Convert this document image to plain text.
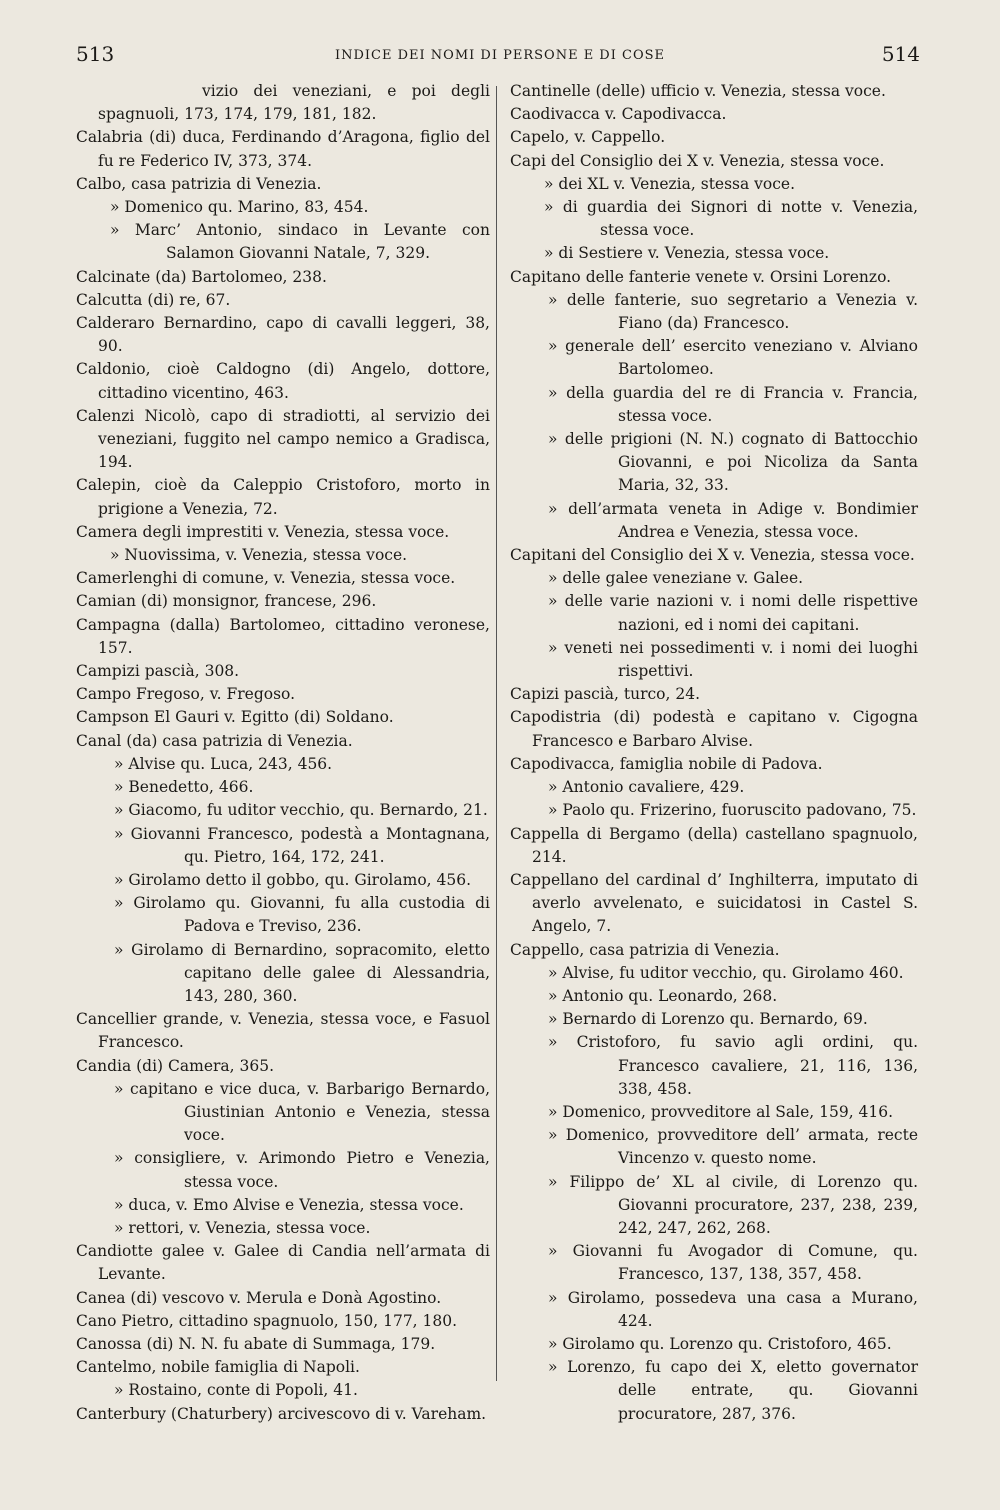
513	INDICE DEI NOMI DI PERSONE E DI COSE	514
vizio dei veneziani, e poi degli spagnuoli, 173, 174, 179, 181, 182.
Calabria (di) duca, Ferdinando d’Aragona, figlio del fu re Federico IV, 373, 374.
Calbo, casa patrizia di Venezia.
» Domenico qu. Marino, 83, 454.
» Marc’ Antonio, sindaco in Levante con Salamon Giovanni Natale, 7, 329.
Calcinate (da) Bartolomeo, 238.
Calcutta (di) re, 67.
Calderaro Bernardino, capo di cavalli leggeri, 38, 90.
Caldonio, cioè Caldogno (di) Angelo, dottore, cittadino vicentino, 463.
Calenzi Nicolò, capo di stradiotti, al servizio dei veneziani, fuggito nel campo nemico a Gradisca, 194.
Calepin, cioè da Caleppio Cristoforo, morto in prigione a Venezia, 72.
Camera degli imprestiti v. Venezia, stessa voce.
» Nuovissima, v. Venezia, stessa voce.
Camerlenghi di comune, v. Venezia, stessa voce.
Camian (di) monsignor, francese, 296.
Campagna (dalla) Bartolomeo, cittadino veronese, 157.
Campizi pascià, 308.
Campo Fregoso, v. Fregoso.
Campson El Gauri v. Egitto (di) Soldano.
Canal (da) casa patrizia di Venezia.
» Alvise qu. Luca, 243, 456.
» Benedetto, 466.
» Giacomo, fu uditor vecchio, qu. Bernardo, 21.
» Giovanni Francesco, podestà a Montagnana, qu. Pietro, 164, 172, 241.
» Girolamo detto il gobbo, qu. Girolamo, 456.
» Girolamo qu. Giovanni, fu alla custodia di Padova e Treviso, 236.
» Girolamo di Bernardino, sopracomito, eletto capitano delle galee di Alessandria, 143, 280, 360.
Cancellier grande, v. Venezia, stessa voce, e Fasuol Francesco.
Candia (di) Camera, 365.
» capitano e vice duca, v. Barbarigo Bernardo, Giustinian Antonio e Venezia, stessa voce.
» consigliere, v. Arimondo Pietro e Venezia, stessa voce.
» duca, v. Emo Alvise e Venezia, stessa voce.
» rettori, v. Venezia, stessa voce.
Candiotte galee v. Galee di Candia nell’armata di Levante.
Canea (di) vescovo v. Merula e Donà Agostino.
Cano Pietro, cittadino spagnuolo, 150, 177, 180.
Canossa (di) N. N. fu abate di Summaga, 179.
Cantelmo, nobile famiglia di Napoli.
» Rostaino, conte di Popoli, 41.
Canterbury (Chaturbery) arcivescovo di v. Vareham.
Cantinelle (delle) ufficio v. Venezia, stessa voce.
Caodivacca v. Capodivacca.
Capelo, v. Cappello.
Capi del Consiglio dei X v. Venezia, stessa voce.
» dei XL v. Venezia, stessa voce.
» di guardia dei Signori di notte v. Venezia, stessa voce.
» di Sestiere v. Venezia, stessa voce.
Capitano delle fanterie venete v. Orsini Lorenzo.
» delle fanterie, suo segretario a Venezia v. Fiano (da) Francesco.
» generale dell’ esercito veneziano v. Alviano Bartolomeo.
» della guardia del re di Francia v. Francia, stessa voce.
» delle prigioni (N. N.) cognato di Battocchio Giovanni, e poi Nicoliza da Santa Maria, 32, 33.
» dell’armata veneta in Adige v. Bondimier Andrea e Venezia, stessa voce.
Capitani del Consiglio dei X v. Venezia, stessa voce.
» delle galee veneziane v. Galee.
» delle varie nazioni v. i nomi delle rispettive nazioni, ed i nomi dei capitani.
» veneti nei possedimenti v. i nomi dei luoghi rispettivi.
Capizi pascià, turco, 24.
Capodistria (di) podestà e capitano v. Cigogna Francesco e Barbaro Alvise.
Capodivacca, famiglia nobile di Padova.
» Antonio cavaliere, 429.
» Paolo qu. Frizerino, fuoruscito padovano, 75.
Cappella di Bergamo (della) castellano spagnuolo, 214.
Cappellano del cardinal d’ Inghilterra, imputato di averlo avvelenato, e suicidatosi in Castel S. Angelo, 7.
Cappello, casa patrizia di Venezia.
» Alvise, fu uditor vecchio, qu. Girolamo 460.
» Antonio qu. Leonardo, 268.
» Bernardo di Lorenzo qu. Bernardo, 69.
» Cristoforo, fu savio agli ordini, qu. Francesco cavaliere, 21, 116, 136, 338, 458.
» Domenico, provveditore al Sale, 159, 416.
» Domenico, provveditore dell’ armata, recte Vincenzo v. questo nome.
» Filippo de’ XL al civile, di Lorenzo qu. Giovanni procuratore, 237, 238, 239, 242, 247, 262, 268.
» Giovanni fu Avogador di Comune, qu. Francesco, 137, 138, 357, 458.
» Girolamo, possedeva una casa a Murano, 424.
» Girolamo qu. Lorenzo qu. Cristoforo, 465.
» Lorenzo, fu capo dei X, eletto governator delle entrate, qu. Giovanni procuratore, 287, 376.
